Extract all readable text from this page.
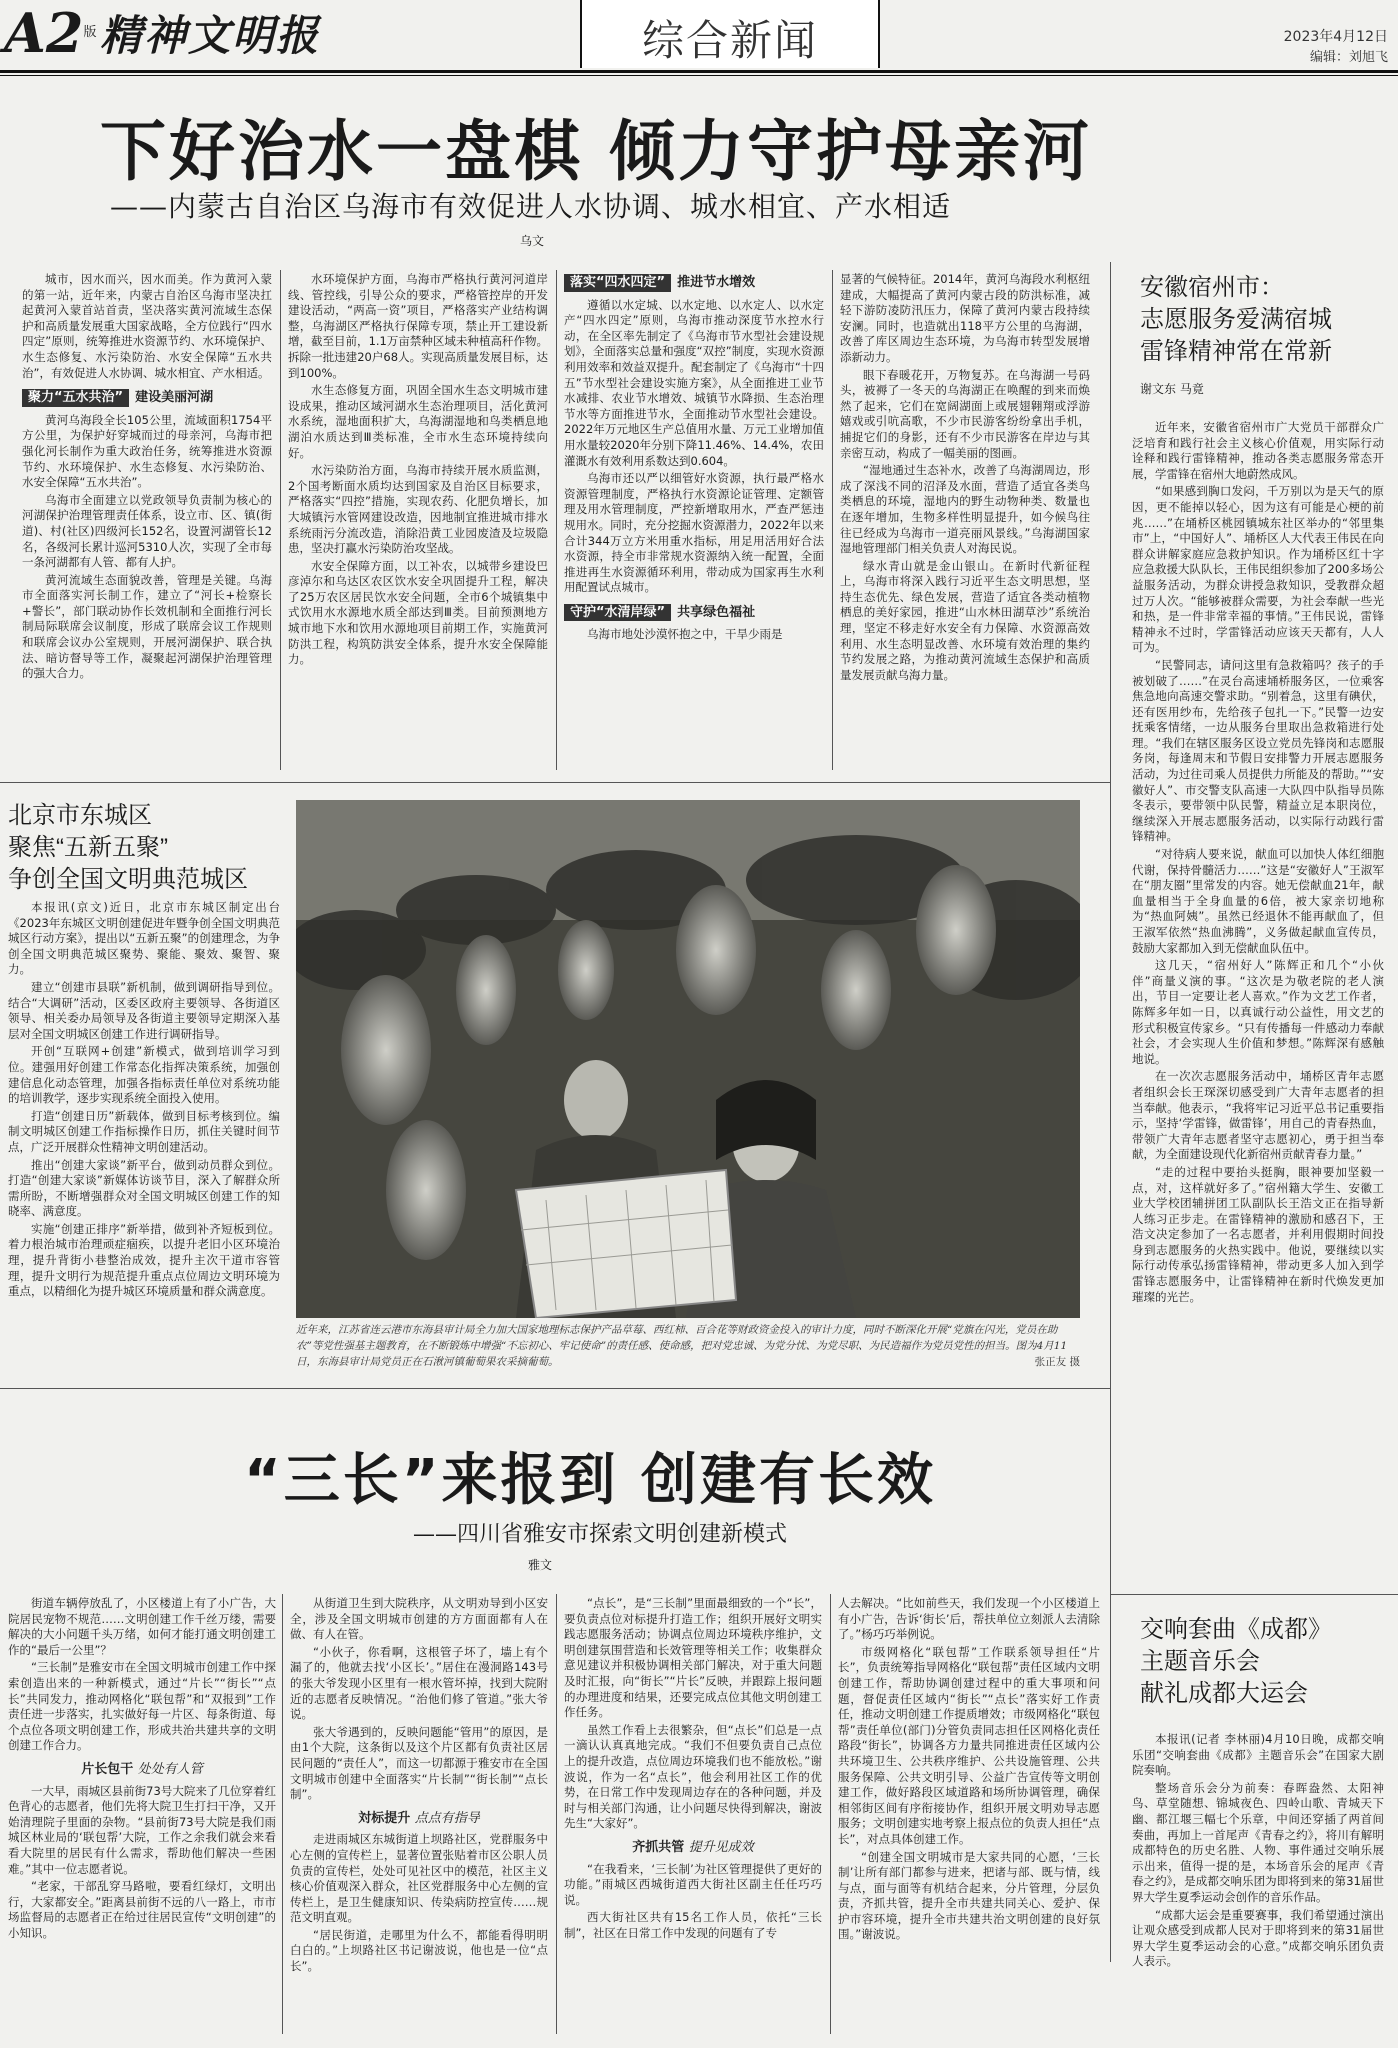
A2版 精神文明报	综合新闻	2023年4月12日
编辑：刘旭飞
下好治水一盘棋 倾力守护母亲河
——内蒙古自治区乌海市有效促进人水协调、城水相宜、产水相适
乌文

城市，因水而兴，因水而美。作为黄河入蒙的第一站，近年来，内蒙古自治区乌海市坚决扛起黄河入蒙首站首责，坚决落实黄河流域生态保护和高质量发展重大国家战略，全方位践行“四水四定”原则，统筹推进水资源节约、水环境保护、水生态修复、水污染防治、水安全保障“五水共治”，有效促进人水协调、城水相宜、产水相适。

聚力“五水共治” 建设美丽河湖

黄河乌海段全长105公里，流域面积1754平方公里，为保护好穿城而过的母亲河，乌海市把强化河长制作为重大政治任务，统筹推进水资源节约、水环境保护、水生态修复、水污染防治、水安全保障“五水共治”。

乌海市全面建立以党政领导负责制为核心的河湖保护治理管理责任体系，设立市、区、镇(街道)、村(社区)四级河长152名，设置河湖管长12名，各级河长累计巡河5310人次，实现了全市每一条河湖都有人管、都有人护。

黄河流域生态面貌改善，管理是关键。乌海市全面落实河长制工作，建立了“河长+检察长+警长”，部门联动协作长效机制和全面推行河长制局际联席会议制度，形成了联席会议工作规则和联席会议办公室规则，开展河湖保护、联合执法、暗访督导等工作，凝聚起河湖保护治理管理的强大合力。

水环境保护方面，乌海市严格执行黄河河道岸线、管控线，引导公众的要求，严格管控岸的开发建设活动，“两高一资”项目，严格落实产业结构调整，乌海湖区严格执行保障专项，禁止开工建设新增，截至目前，1.1万亩禁种区域未种植高秆作物。拆除一批违建20户68人。实现高质量发展目标，达到100%。

水生态修复方面，巩固全国水生态文明城市建设成果，推动区域河湖水生态治理项目，活化黄河水系统，湿地面积扩大，乌海湖湿地和鸟类栖息地湖泊水质达到Ⅲ类标准，全市水生态环境持续向好。

水污染防治方面，乌海市持续开展水质监测，2个国考断面水质均达到国家及自治区目标要求，严格落实“四控”措施，实现农药、化肥负增长，加大城镇污水管网建设改造，因地制宜推进城市排水系统雨污分流改造，消除沿黄工业园废渣及垃圾隐患，坚决打赢水污染防治攻坚战。

水安全保障方面，以工补农，以城带乡建设巴彦淖尔和乌达区农区饮水安全巩固提升工程，解决了25万农区居民饮水安全问题，全市6个城镇集中式饮用水水源地水质全部达到Ⅲ类。目前预测地方城市地下水和饮用水源地项目前期工作，实施黄河防洪工程，构筑防洪安全体系，提升水安全保障能力。

落实“四水四定” 推进节水增效

遵循以水定城、以水定地、以水定人、以水定产“四水四定”原则，乌海市推动深度节水控水行动，在全区率先制定了《乌海市节水型社会建设规划》，全面落实总量和强度“双控”制度，实现水资源利用效率和效益双提升。配套制定了《乌海市“十四五”节水型社会建设实施方案》，从全面推进工业节水减排、农业节水增效、城镇节水降损、生态治理节水等方面推进节水，全面推动节水型社会建设。2022年万元地区生产总值用水量、万元工业增加值用水量较2020年分别下降11.46%、14.4%，农田灌溉水有效利用系数达到0.604。

乌海市还以严以细管好水资源，执行最严格水资源管理制度，严格执行水资源论证管理、定额管理及用水管理制度，严控新增取用水，严查严惩违规用水。同时，充分挖掘水资源潜力，2022年以来合计344万立方米用重水指标，用足用活用好合法水资源，持全市非常规水资源纳入统一配置，全面推进再生水资源循环利用，带动成为国家再生水利用配置试点城市。

守护“水清岸绿” 共享绿色福祉

乌海市地处沙漠怀抱之中，干旱少雨是

显著的气候特征。2014年，黄河乌海段水利枢纽建成，大幅提高了黄河内蒙古段的防洪标准，减轻下游防凌防汛压力，保障了黄河内蒙古段持续安澜。同时，也造就出118平方公里的乌海湖，改善了库区周边生态环境，为乌海市转型发展增添新动力。

眼下春暖花开，万物复苏。在乌海湖一号码头，被褥了一冬天的乌海湖正在唤醒的到来而焕然了起来，它们在宽阔湖面上或展翅翱翔或浮游嬉戏或引吭高歌，不少市民游客纷纷拿出手机，捕捉它们的身影，还有不少市民游客在岸边与其亲密互动，构成了一幅美丽的图画。

“湿地通过生态补水，改善了乌海湖周边，形成了深浅不同的沼泽及水面，营造了适宜各类鸟类栖息的环境，湿地内的野生动物种类、数量也在逐年增加，生物多样性明显提升，如今候鸟往往已经成为乌海市一道亮丽风景线。”乌海湖国家湿地管理部门相关负责人对海民说。

绿水青山就是金山银山。在新时代新征程上，乌海市将深入践行习近平生态文明思想，坚持生态优先、绿色发展，营造了适宜各类动植物栖息的美好家园，推进“山水林田湖草沙”系统治理，坚定不移走好水安全有力保障、水资源高效利用、水生态明显改善、水环境有效治理的集约节约发展之路，为推动黄河流域生态保护和高质量发展贡献乌海力量。

安徽宿州市：
志愿服务爱满宿城
雷锋精神常在常新
谢文东 马竟

近年来，安徽省宿州市广大党员干部群众广泛培育和践行社会主义核心价值观，用实际行动诠释和践行雷锋精神，推动各类志愿服务常态开展，学雷锋在宿州大地蔚然成风。

“如果感到胸口发闷，千万别以为是天气的原因，更不能掉以轻心，因为这有可能是心梗的前兆……”在埇桥区桃园镇城东社区举办的“邻里集市”上，“中国好人”、埇桥区人大代表王伟民在向群众讲解家庭应急救护知识。作为埇桥区红十字应急救援大队队长，王伟民组织参加了200多场公益服务活动，为群众讲授急救知识，受教群众超过万人次。“能够被群众需要，为社会奉献一些光和热，是一件非常幸福的事情。”王伟民说，雷锋精神永不过时，学雷锋活动应该天天都有，人人可为。

“民警同志，请问这里有急救箱吗？孩子的手被划破了……”在灵台高速埇桥服务区，一位乘客焦急地向高速交警求助。“别着急，这里有碘伏，还有医用纱布，先给孩子包扎一下。”民警一边安抚乘客情绪，一边从服务台里取出急救箱进行处理。“我们在辖区服务区设立党员先锋岗和志愿服务岗，每逢周末和节假日安排警力开展志愿服务活动，为过往司乘人员提供力所能及的帮助。”“安徽好人”、市交警支队高速一大队四中队指导员陈冬表示，要带领中队民警，精益立足本职岗位，继续深入开展志愿服务活动，以实际行动践行雷锋精神。

“对待病人要来说，献血可以加快人体红细胞代谢，保持骨髓活力……”这是“安徽好人”王淑军在“朋友圈”里常发的内容。她无偿献血21年，献血量相当于全身血量的6倍，被大家亲切地称为“热血阿姨”。虽然已经退休不能再献血了，但王淑军依然“热血沸腾”，义务做起献血宣传员，鼓励大家都加入到无偿献血队伍中。

这几天，“宿州好人”陈辉正和几个“小伙伴”商量义演的事。“这次是为敬老院的老人演出，节目一定要让老人喜欢。”作为文艺工作者，陈辉多年如一日，以真诚行动公益性，用文艺的形式积极宣传家乡。“只有传播每一件感动力奉献社会，才会实现人生价值和梦想。”陈辉深有感触地说。

在一次次志愿服务活动中，埇桥区青年志愿者组织会长王琛深切感受到广大青年志愿者的担当奉献。他表示，“我将牢记习近平总书记重要指示，坚持‘学雷锋，做雷锋’，用自己的青春热血，带领广大青年志愿者坚守志愿初心，勇于担当奉献，为全面建设现代化新宿州贡献青春力量。”

“走的过程中要抬头挺胸，眼神要加坚毅一点，对，这样就好多了。”宿州籍大学生、安徽工业大学校团辅拼团工队副队长王浩文正在指导新人练习正步走。在雷锋精神的激励和感召下，王浩文决定参加了一名志愿者，并利用假期时间投身到志愿服务的火热实践中。他说，要继续以实际行动传承弘扬雷锋精神，带动更多人加入到学雷锋志愿服务中，让雷锋精神在新时代焕发更加璀璨的光芒。

北京市东城区
聚焦“五新五聚”
争创全国文明典范城区

本报讯(京文)近日，北京市东城区制定出台《2023年东城区文明创建促进年暨争创全国文明典范城区行动方案》，提出以“五新五聚”的创建理念，为争创全国文明典范城区聚势、聚能、聚效、聚智、聚力。

建立“创建市县联”新机制，做到调研指导到位。结合“大调研”活动，区委区政府主要领导、各街道区领导、相关委办局领导及各街道主要领导定期深入基层对全国文明城区创建工作进行调研指导。

开创“互联网+创建”新模式，做到培训学习到位。建强用好创建工作常态化指挥决策系统，加强创建信息化动态管理，加强各指标责任单位对系统功能的培训教学，逐步实现系统全面投入使用。

打造“创建日历”新载体，做到目标考核到位。编制文明城区创建工作指标操作日历，抓住关键时间节点，广泛开展群众性精神文明创建活动。

推出“创建大家谈”新平台，做到动员群众到位。打造“创建大家谈”新媒体访谈节目，深入了解群众所需所盼，不断增强群众对全国文明城区创建工作的知晓率、满意度。

实施“创建正排序”新举措，做到补齐短板到位。着力根治城市治理顽症痼疾，以提升老旧小区环境治理，提升背街小巷整治成效，提升主次干道市容管理，提升文明行为规范提升重点点位周边文明环境为重点，以精细化为提升城区环境质量和群众满意度。

近年来，江苏省连云港市东海县审计局全力加大国家地理标志保护产品草莓、西红柿、百合花等财政资金投入的审计力度，同时不断深化开展“党旗在闪光，党员在助农”等党性强基主题教育，在不断锻炼中增强“不忘初心、牢记使命”的责任感、使命感，把对党忠诚、为党分忧、为党尽职、为民造福作为党员党性的担当。图为4月11日，东海县审计局党员正在石湫河镇葡萄果农采摘葡萄。	张正友 摄
“三长”来报到 创建有长效
——四川省雅安市探索文明创建新模式
雅文

街道车辆停放乱了，小区楼道上有了小广告，大院居民宠物不规范……文明创建工作千丝万缕，需要解决的大小问题千头万绪，如何才能打通文明创建工作的“最后一公里”？

“三长制”是雅安市在全国文明城市创建工作中探索创造出来的一种新模式，通过“片长”“街长”“点长”共同发力，推动网格化“联包帮”和“双报到”工作责任进一步落实，扎实做好每一片区、每条街道、每个点位各项文明创建工作，形成共治共建共享的文明创建工作合力。

片长包干 处处有人管

一大早，雨城区县前街73号大院来了几位穿着红色背心的志愿者，他们先将大院卫生打扫干净，又开始清理院子里面的杂物。“县前街73号大院是我们雨城区林业局的‘联包帮’大院，工作之余我们就会来看看大院里的居民有什么需求，帮助他们解决一些困难。”其中一位志愿者说。

“老家，干部乱穿马路啦，要看红绿灯，文明出行，大家都安全。”距离县前街不远的八一路上，市市场监督局的志愿者正在给过往居民宣传“文明创建”的小知识。

从街道卫生到大院秩序，从文明劝导到小区安全，涉及全国文明城市创建的方方面面都有人在做、有人在管。

“小伙子，你看啊，这根管子坏了，墙上有个漏了的，他就去找‘小区长’。”居住在漫洞路143号的张大爷发现小区里有一根水管坏掉，找到大院附近的志愿者反映情况。“治他们修了管道。”张大爷说。

张大爷遇到的，反映问题能“管用”的原因，是由1个大院，这条街以及这个片区都有负责社区居民问题的“责任人”，而这一切都源于雅安市在全国文明城市创建中全面落实“片长制”“街长制”“点长制”。

対标提升 点点有指导

走进雨城区东城街道上坝路社区，党群服务中心左侧的宣传栏上，显著位置张贴着市区公职人员负责的宣传栏，处处可见社区中的模范，社区主义核心价值观深入群众，社区党群服务中心左侧的宣传栏上，是卫生健康知识、传染病防控宣传……规范文明直观。

“居民街道，走哪里为什么不，都能看得明明白白的。”上坝路社区书记谢波说，他也是一位“点长”。

“点长”，是“三长制”里面最细致的一个“长”，要负责点位对标提升打造工作；组织开展好文明实践志愿服务活动；协调点位周边环境秩序维护，文明创建氛围营造和长效管理等相关工作；收集群众意见建议并积极协调相关部门解决，对于重大问题及时汇报，向“街长”“片长”反映，并跟踪上报问题的办理进度和结果，还要完成点位其他文明创建工作任务。

虽然工作看上去很繁杂，但“点长”们总是一点一滴认认真真地完成。“我们不但要负责自己点位上的提升改造，点位周边环境我们也不能放松。”谢波说，作为一名“点长”，他会利用社区工作的优势，在日常工作中发现周边存在的各种问题，并及时与相关部门沟通，让小问题尽快得到解决，谢波先生“大家好”。

齐抓共管 提升见成效

“在我看来，‘三长制’为社区管理提供了更好的功能。”雨城区西城街道西大街社区副主任任巧巧说。

西大街社区共有15名工作人员，依托“三长制”，社区在日常工作中发现的问题有了专

人去解决。“比如前些天，我们发现一个小区楼道上有小广告，告诉‘街长’后，帮扶单位立刻派人去清除了。”杨巧巧举例说。

市级网格化“联包帮”工作联系领导担任“片长”，负责统筹指导网格化“联包帮”责任区域内文明创建工作，帮助协调创建过程中的重大事项和问题，督促责任区域内“街长”“点长”落实好工作责任，推动文明创建工作提质增效；市级网格化“联包帮”责任单位(部门)分管负责同志担任区网格化责任路段“街长”，协调各方力量共同推进责任区域内公共环境卫生、公共秩序维护、公共设施管理、公共服务保障、公共文明引导、公益广告宣传等文明创建工作，做好路段区域道路和场所协调管理，确保相邻街区间有序衔接协作，组织开展文明劝导志愿服务；文明创建实地考察上报点位的负责人担任“点长”，对点具体创建工作。

“创建全国文明城市是大家共同的心愿，‘三长制’让所有部门都参与进来，把诸与部、既与情，线与点，面与面等有机结合起来，分片管理，分层负责，齐抓共管，提升全市共建共同关心、爱护、保护市容环境，提升全市共建共治文明创建的良好氛围。”谢波说。

交响套曲《成都》
主题音乐会
献礼成都大运会

本报讯(记者 李林丽)4月10日晚，成都交响乐团“交响套曲《成都》主题音乐会”在国家大剧院奏响。

整场音乐会分为前奏：春晖盎然、太阳神鸟、草堂随想、锦城夜色、四岭山歌、青城天下幽、都江堰三幅七个乐章，中间还穿插了两首间奏曲，再加上一首尾声《青春之约》，将川有解明成都特色的历史名胜、人物、事件通过交响乐展示出来，值得一提的是，本场音乐会的尾声《青春之约》，是成都交响乐团为即将到来的第31届世界大学生夏季运动会创作的音乐作品。

“成都大运会是重要赛事，我们希望通过演出让观众感受到成都人民对于即将到来的第31届世界大学生夏季运动会的心意。”成都交响乐团负责人表示。
